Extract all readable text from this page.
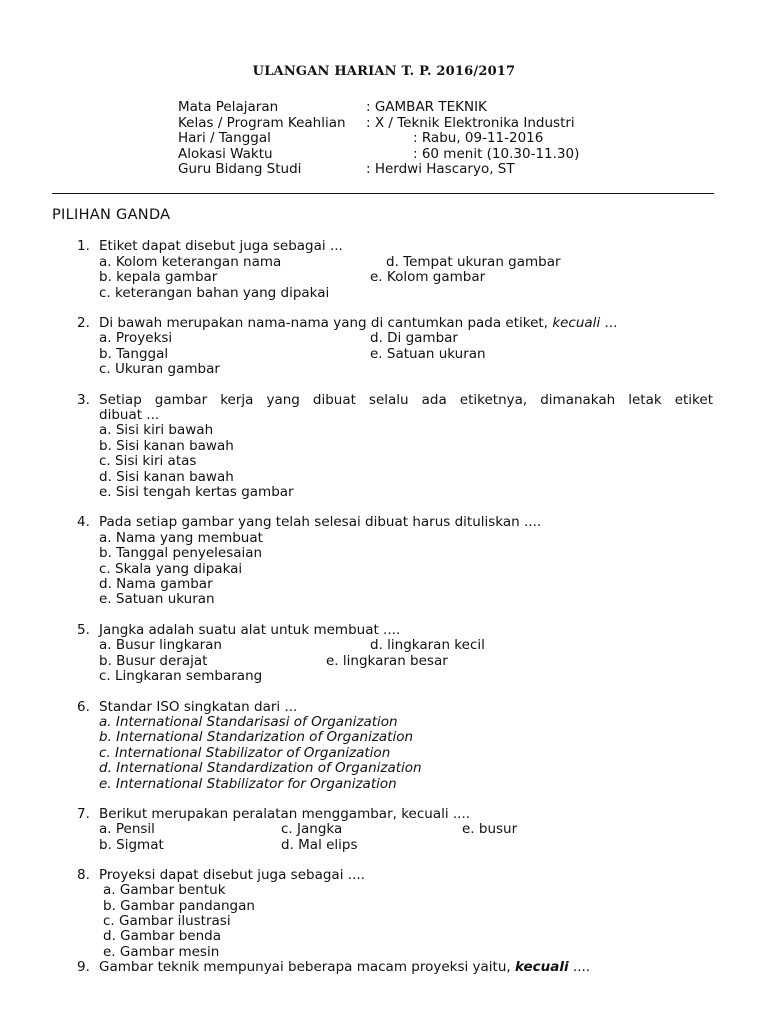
ULANGAN HARIAN T. P. 2016/2017
Mata Pelajaran	: GAMBAR TEKNIK
Kelas / Program Keahlian : X / Teknik Elektronika Industri
Hari / Tanggal	: Rabu, 09-11-2016
Alokasi Waktu	: 60 menit (10.30-11.30)
Guru Bidang Studi	: Herdwi Hascaryo, ST
PILIHAN GANDA
1. Etiket dapat disebut juga sebagai ...
a. Kolom keterangan nama	d. Tempat ukuran gambar
b. kepala gambar	e. Kolom gambar
c. keterangan bahan yang dipakai
2. Di bawah merupakan nama-nama yang di cantumkan pada etiket, kecuali ...
a. Proyeksi	d. Di gambar
b. Tanggal	e. Satuan ukuran
c. Ukuran gambar
3. Setiap gambar kerja yang dibuat selalu ada etiketnya, dimanakah letak etiket
dibuat ...
a. Sisi kiri bawah
b. Sisi kanan bawah
c. Sisi kiri atas
d. Sisi kanan bawah
e. Sisi tengah kertas gambar
4. Pada setiap gambar yang telah selesai dibuat harus dituliskan ....
a. Nama yang membuat
b. Tanggal penyelesaian
c. Skala yang dipakai
d. Nama gambar
e. Satuan ukuran
5. Jangka adalah suatu alat untuk membuat ....
a. Busur lingkaran	d. lingkaran kecil
b. Busur derajat	e. lingkaran besar
c. Lingkaran sembarang
6. Standar ISO singkatan dari ...
a. International Standarisasi of Organization
b. International Standarization of Organization
c. International Stabilizator of Organization
d. International Standardization of Organization
e. International Stabilizator for Organization
7. Berikut merupakan peralatan menggambar, kecuali ....
a. Pensil	c. Jangka	e. busur
b. Sigmat	d. Mal elips
8. Proyeksi dapat disebut juga sebagai ....
a. Gambar bentuk
b. Gambar pandangan
c. Gambar ilustrasi
d. Gambar benda
e. Gambar mesin
9. Gambar teknik mempunyai beberapa macam proyeksi yaitu, kecuali ....
